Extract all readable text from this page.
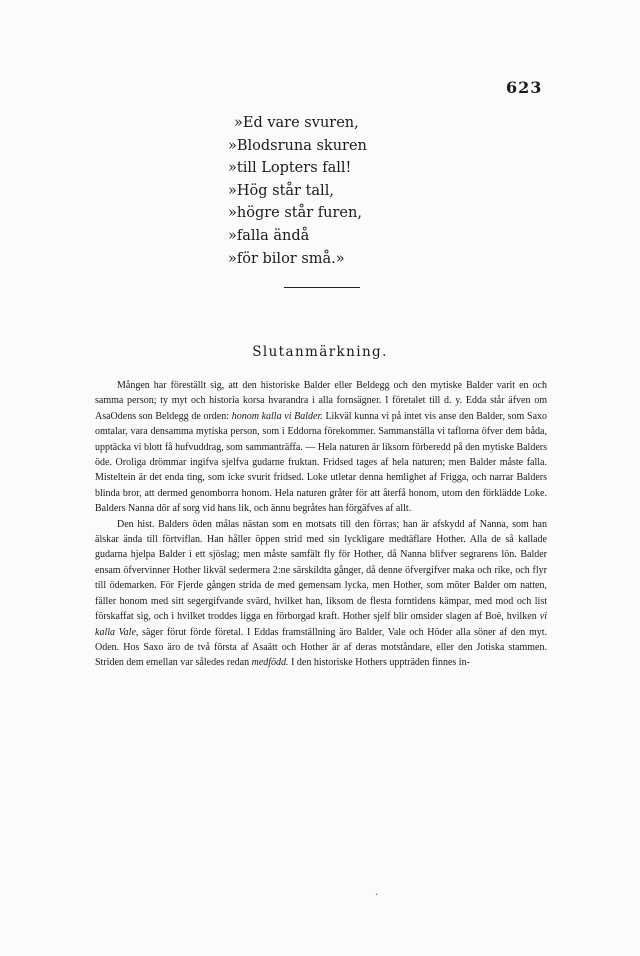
623
»Ed vare svuren,
»Blodsruna skuren
»till Lopters fall!
»Hög står tall,
»högre står furen,
»falla ändå
»för bilor små.»
Slutanmärkning.

Mången har föreställt sig, att den historiske Balder eller Beldegg och den mytiske Balder varit en och samma person; ty myt och historia korsa hvarandra i alla fornsägner. I företalet till d. y. Edda står äfven om AsaOdens son Beldegg de orden: honom kalla vi Balder. Likväl kunna vi på intet vis anse den Balder, som Saxo omtalar, vara densamma mytiska person, som i Eddorna förekommer. Sammanställa vi taflorna öfver dem båda, upptäcka vi blott få hufvuddrag, som sammanträffa. — Hela naturen är liksom förberedd på den mytiske Balders öde. Oroliga drömmar ingifva sjelfva gudarne fruktan. Fridsed tages af hela naturen; men Balder måste falla. Misteltein är det enda ting, som icke svurit fridsed. Loke utletar denna hemlighet af Frigga, och narrar Balders blinda bror, att dermed genomborra honom. Hela naturen gråter för att återfå honom, utom den förklädde Loke. Balders Nanna dör af sorg vid hans lik, och ännu begråtes han förgäfves af allt.

Den hist. Balders öden målas nästan som en motsats till den förras; han är afskydd af Nanna, som han älskar ända till förtviflan. Han håller öppen strid med sin lyckligare medtäflare Hother. Alla de så kallade gudarna hjelpa Balder i ett sjöslag; men måste samfält fly för Hother, då Nanna blifver segrarens lön. Balder ensam öfvervinner Hother likväl sedermera 2:ne särskildta gånger, då denne öfvergifver maka och rike, och flyr till ödemarken. För Fjerde gången strida de med gemensam lycka, men Hother, som möter Balder om natten, fäller honom med sitt segergifvande svärd, hvilket han, liksom de flesta forntidens kämpar, med mod och list förskaffat sig, och i hvilket troddes ligga en förborgad kraft. Hother sjelf blir omsider slagen af Boë, hvilken vi kalla Vale, säger förut förde företal. I Eddas framställning äro Balder, Vale och Höder alla söner af den myt. Oden. Hos Saxo äro de två första af Asaätt och Hother är af deras motståndare, eller den Jotiska stammen. Striden dem emellan var således redan medfödd. I den historiske Hothers uppträden finnes in-

·
